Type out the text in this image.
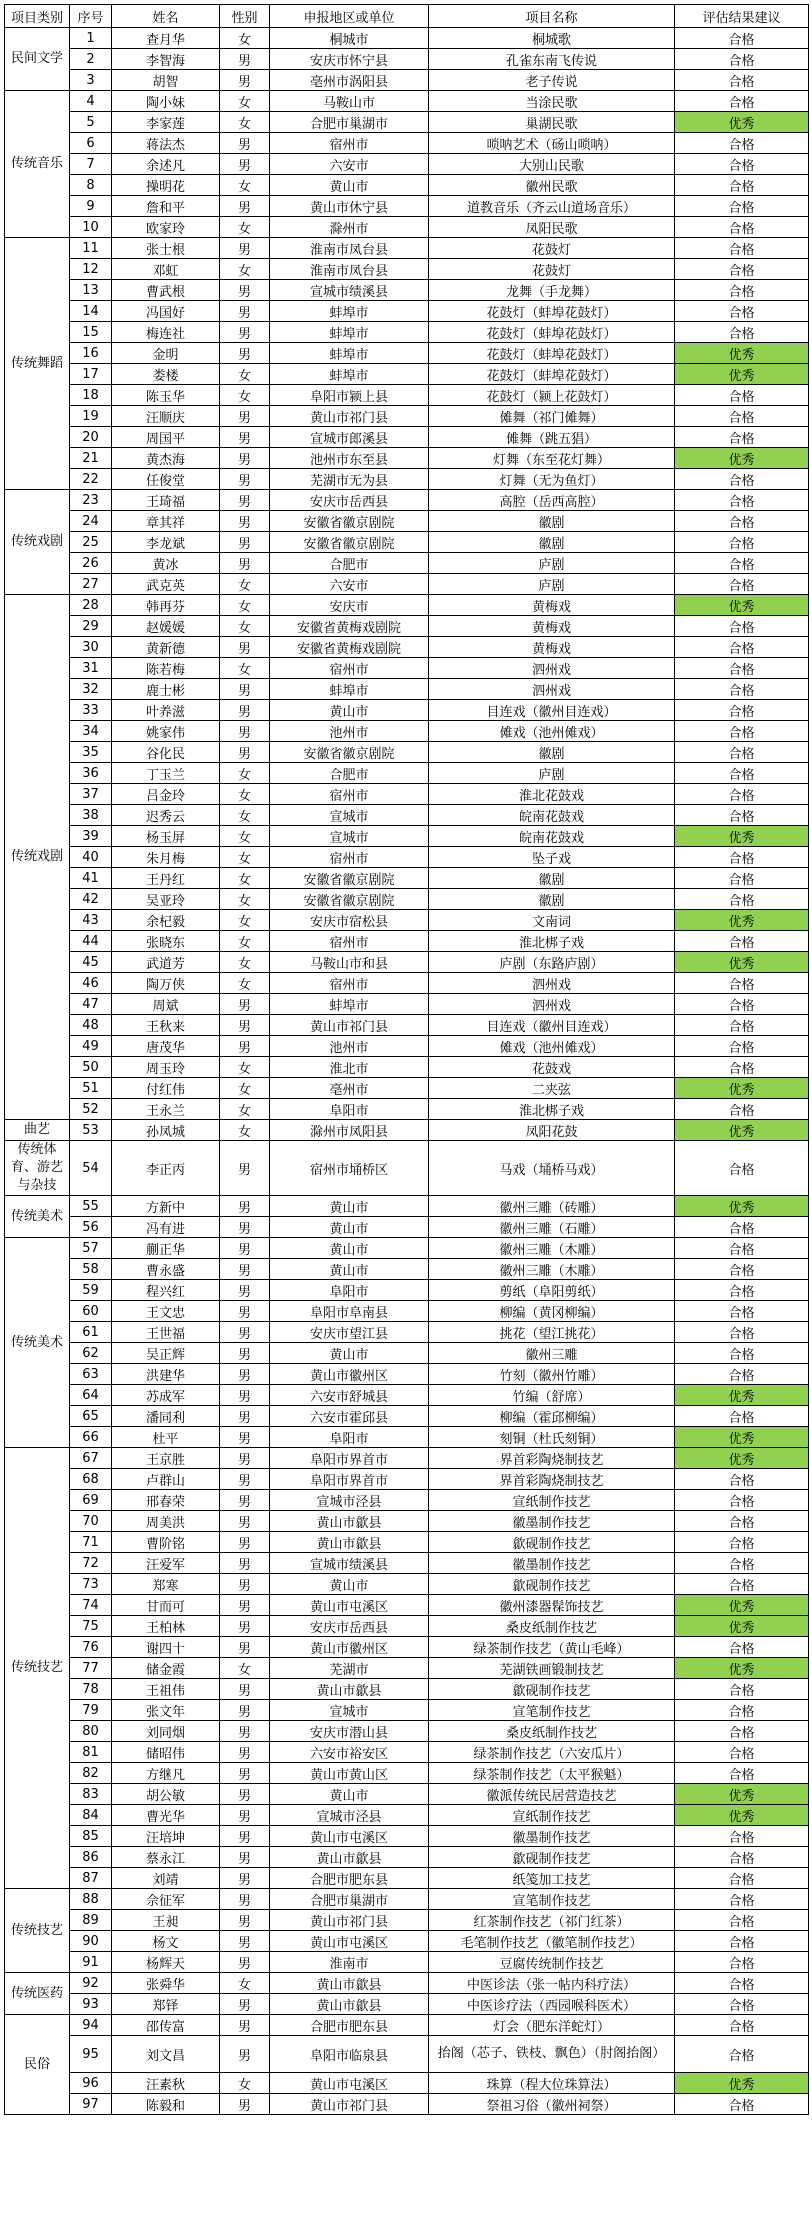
项目类别	序号	姓名	性别	申报地区或单位	项目名称	评估结果建议
民间文学	1	查月华	女	桐城市	桐城歌	合格
	2	李智海	男	安庆市怀宁县	孔雀东南飞传说	合格
	3	胡智	男	亳州市涡阳县	老子传说	合格
传统音乐	4	陶小妹	女	马鞍山市	当涂民歌	合格
	5	李家莲	女	合肥市巢湖市	巢湖民歌	优秀
	6	蒋法杰	男	宿州市	唢呐艺术（砀山唢呐）	合格
	7	余述凡	男	六安市	大别山民歌	合格
	8	操明花	女	黄山市	徽州民歌	合格
	9	詹和平	男	黄山市休宁县	道教音乐（齐云山道场音乐）	合格
	10	欧家玲	女	滁州市	凤阳民歌	合格
传统舞蹈	11	张士根	男	淮南市凤台县	花鼓灯	合格
	12	邓虹	女	淮南市凤台县	花鼓灯	合格
	13	曹武根	男	宣城市绩溪县	龙舞（手龙舞）	合格
	14	冯国好	男	蚌埠市	花鼓灯（蚌埠花鼓灯）	合格
	15	梅连社	男	蚌埠市	花鼓灯（蚌埠花鼓灯）	合格
	16	金明	男	蚌埠市	花鼓灯（蚌埠花鼓灯）	优秀
	17	娄楼	女	蚌埠市	花鼓灯（蚌埠花鼓灯）	优秀
	18	陈玉华	女	阜阳市颍上县	花鼓灯（颍上花鼓灯）	合格
	19	汪顺庆	男	黄山市祁门县	傩舞（祁门傩舞）	合格
	20	周国平	男	宣城市郎溪县	傩舞（跳五猖）	合格
	21	黄杰海	男	池州市东至县	灯舞（东至花灯舞）	优秀
	22	任俊堂	男	芜湖市无为县	灯舞（无为鱼灯）	合格
传统戏剧	23	王琦福	男	安庆市岳西县	高腔（岳西高腔）	合格
	24	章其祥	男	安徽省徽京剧院	徽剧	合格
	25	李龙斌	男	安徽省徽京剧院	徽剧	合格
	26	黄冰	男	合肥市	庐剧	合格
	27	武克英	女	六安市	庐剧	合格
传统戏剧	28	韩再芬	女	安庆市	黄梅戏	优秀
	29	赵媛媛	女	安徽省黄梅戏剧院	黄梅戏	合格
	30	黄新德	男	安徽省黄梅戏剧院	黄梅戏	合格
	31	陈若梅	女	宿州市	泗州戏	合格
	32	鹿士彬	男	蚌埠市	泗州戏	合格
	33	叶养滋	男	黄山市	目连戏（徽州目连戏）	合格
	34	姚家伟	男	池州市	傩戏（池州傩戏）	合格
	35	谷化民	男	安徽省徽京剧院	徽剧	合格
	36	丁玉兰	女	合肥市	庐剧	合格
	37	吕金玲	女	宿州市	淮北花鼓戏	合格
	38	迟秀云	女	宣城市	皖南花鼓戏	合格
	39	杨玉屏	女	宣城市	皖南花鼓戏	优秀
	40	朱月梅	女	宿州市	坠子戏	合格
	41	王丹红	女	安徽省徽京剧院	徽剧	合格
	42	吴亚玲	女	安徽省徽京剧院	徽剧	合格
	43	余杞毅	女	安庆市宿松县	文南词	优秀
	44	张晓东	女	宿州市	淮北梆子戏	合格
	45	武道芳	女	马鞍山市和县	庐剧（东路庐剧）	优秀
	46	陶万侠	女	宿州市	泗州戏	合格
	47	周斌	男	蚌埠市	泗州戏	合格
	48	王秋来	男	黄山市祁门县	目连戏（徽州目连戏）	合格
	49	唐茂华	男	池州市	傩戏（池州傩戏）	合格
	50	周玉玲	女	淮北市	花鼓戏	合格
	51	付红伟	女	亳州市	二夹弦	优秀
	52	王永兰	女	阜阳市	淮北梆子戏	合格
曲艺	53	孙凤城	女	滁州市凤阳县	凤阳花鼓	优秀
传统体育、游艺与杂技	54	李正丙	男	宿州市埇桥区	马戏（埇桥马戏）	合格
传统美术	55	方新中	男	黄山市	徽州三雕（砖雕）	优秀
	56	冯有进	男	黄山市	徽州三雕（石雕）	合格
传统美术	57	蒯正华	男	黄山市	徽州三雕（木雕）	合格
	58	曹永盛	男	黄山市	徽州三雕（木雕）	合格
	59	程兴红	男	阜阳市	剪纸（阜阳剪纸）	合格
	60	王文忠	男	阜阳市阜南县	柳编（黄冈柳编）	合格
	61	王世福	男	安庆市望江县	挑花（望江挑花）	合格
	62	吴正辉	男	黄山市	徽州三雕	合格
	63	洪建华	男	黄山市徽州区	竹刻（徽州竹雕）	合格
	64	苏成军	男	六安市舒城县	竹编（舒席）	优秀
	65	潘同利	男	六安市霍邱县	柳编（霍邱柳编）	合格
	66	杜平	男	阜阳市	刻铜（杜氏刻铜）	优秀
传统技艺	67	王京胜	男	阜阳市界首市	界首彩陶烧制技艺	优秀
	68	卢群山	男	阜阳市界首市	界首彩陶烧制技艺	合格
	69	邢春荣	男	宣城市泾县	宣纸制作技艺	合格
	70	周美洪	男	黄山市歙县	徽墨制作技艺	合格
	71	曹阶铭	男	黄山市歙县	歙砚制作技艺	合格
	72	汪爱军	男	宣城市绩溪县	徽墨制作技艺	合格
	73	郑寒	男	黄山市	歙砚制作技艺	合格
	74	甘而可	男	黄山市屯溪区	徽州漆器髹饰技艺	优秀
	75	王柏林	男	安庆市岳西县	桑皮纸制作技艺	优秀
	76	谢四十	男	黄山市徽州区	绿茶制作技艺（黄山毛峰）	合格
	77	储金霞	女	芜湖市	芜湖铁画锻制技艺	优秀
	78	王祖伟	男	黄山市歙县	歙砚制作技艺	合格
	79	张文年	男	宣城市	宣笔制作技艺	合格
	80	刘同烟	男	安庆市潜山县	桑皮纸制作技艺	合格
	81	储昭伟	男	六安市裕安区	绿茶制作技艺（六安瓜片）	合格
	82	方继凡	男	黄山市黄山区	绿茶制作技艺（太平猴魁）	合格
	83	胡公敏	男	黄山市	徽派传统民居营造技艺	优秀
	84	曹光华	男	宣城市泾县	宣纸制作技艺	优秀
	85	汪培坤	男	黄山市屯溪区	徽墨制作技艺	合格
	86	蔡永江	男	黄山市歙县	歙砚制作技艺	合格
	87	刘靖	男	合肥市肥东县	纸笺加工技艺	合格
传统技艺	88	佘征军	男	合肥市巢湖市	宣笔制作技艺	合格
	89	王昶	男	黄山市祁门县	红茶制作技艺（祁门红茶）	合格
	90	杨文	男	黄山市屯溪区	毛笔制作技艺（徽笔制作技艺）	合格
	91	杨辉天	男	淮南市	豆腐传统制作技艺	合格
传统医药	92	张舜华	女	黄山市歙县	中医诊法（张一帖内科疗法）	合格
	93	郑铎	男	黄山市歙县	中医诊疗法（西园喉科医术）	合格
民俗	94	邵传富	男	合肥市肥东县	灯会（肥东洋蛇灯）	合格
	95	刘文昌	男	阜阳市临泉县	抬阁（芯子、铁枝、飘色）（肘阁抬阁）	合格
	96	汪素秋	女	黄山市屯溪区	珠算（程大位珠算法）	优秀
	97	陈毅和	男	黄山市祁门县	祭祖习俗（徽州祠祭）	合格
